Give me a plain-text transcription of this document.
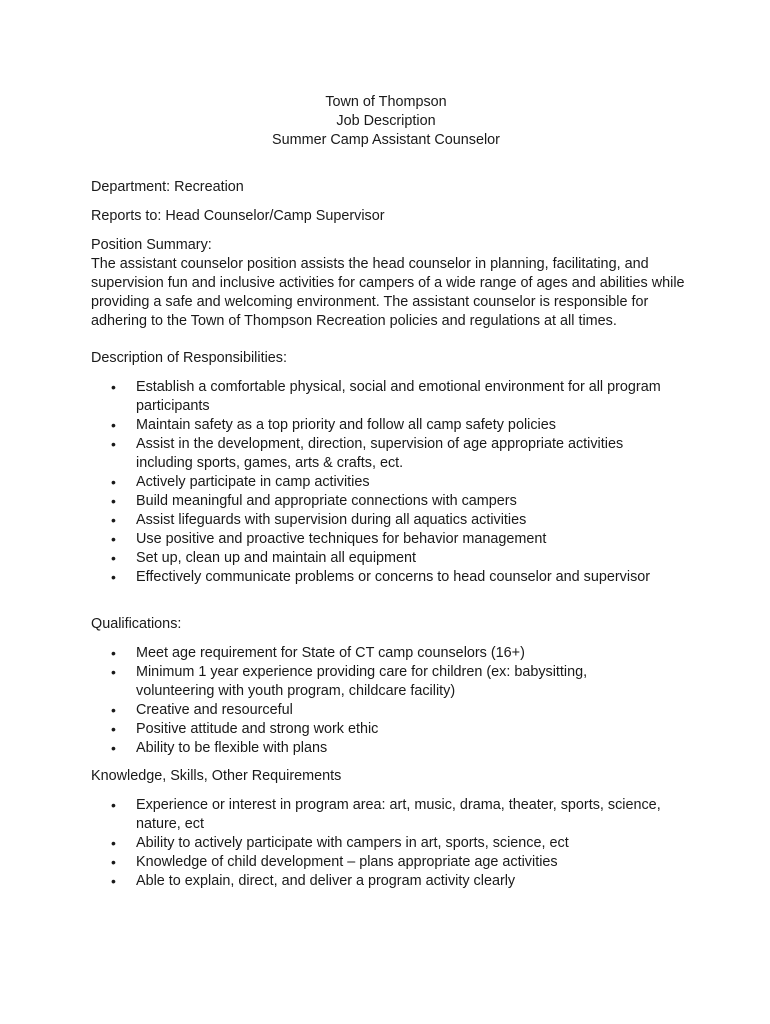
Town of Thompson
Job Description
Summer Camp Assistant Counselor

Department: Recreation

Reports to: Head Counselor/Camp Supervisor

Position Summary:

The assistant counselor position assists the head counselor in planning, facilitating, and supervision fun and inclusive activities for campers of a wide range of ages and abilities while providing a safe and welcoming environment. The assistant counselor is responsible for adhering to the Town of Thompson Recreation policies and regulations at all times.

Description of Responsibilities:

• Establish a comfortable physical, social and emotional environment for all program participants
• Maintain safety as a top priority and follow all camp safety policies
• Assist in the development, direction, supervision of age appropriate activities including sports, games, arts & crafts, ect.
• Actively participate in camp activities
• Build meaningful and appropriate connections with campers
• Assist lifeguards with supervision during all aquatics activities
• Use positive and proactive techniques for behavior management
• Set up, clean up and maintain all equipment
• Effectively communicate problems or concerns to head counselor and supervisor

Qualifications:

• Meet age requirement for State of CT camp counselors (16+)
• Minimum 1 year experience providing care for children (ex: babysitting, volunteering with youth program, childcare facility)
• Creative and resourceful
• Positive attitude and strong work ethic
• Ability to be flexible with plans

Knowledge, Skills, Other Requirements

• Experience or interest in program area: art, music, drama, theater, sports, science, nature, ect
• Ability to actively participate with campers in art, sports, science, ect
• Knowledge of child development – plans appropriate age activities
• Able to explain, direct, and deliver a program activity clearly
